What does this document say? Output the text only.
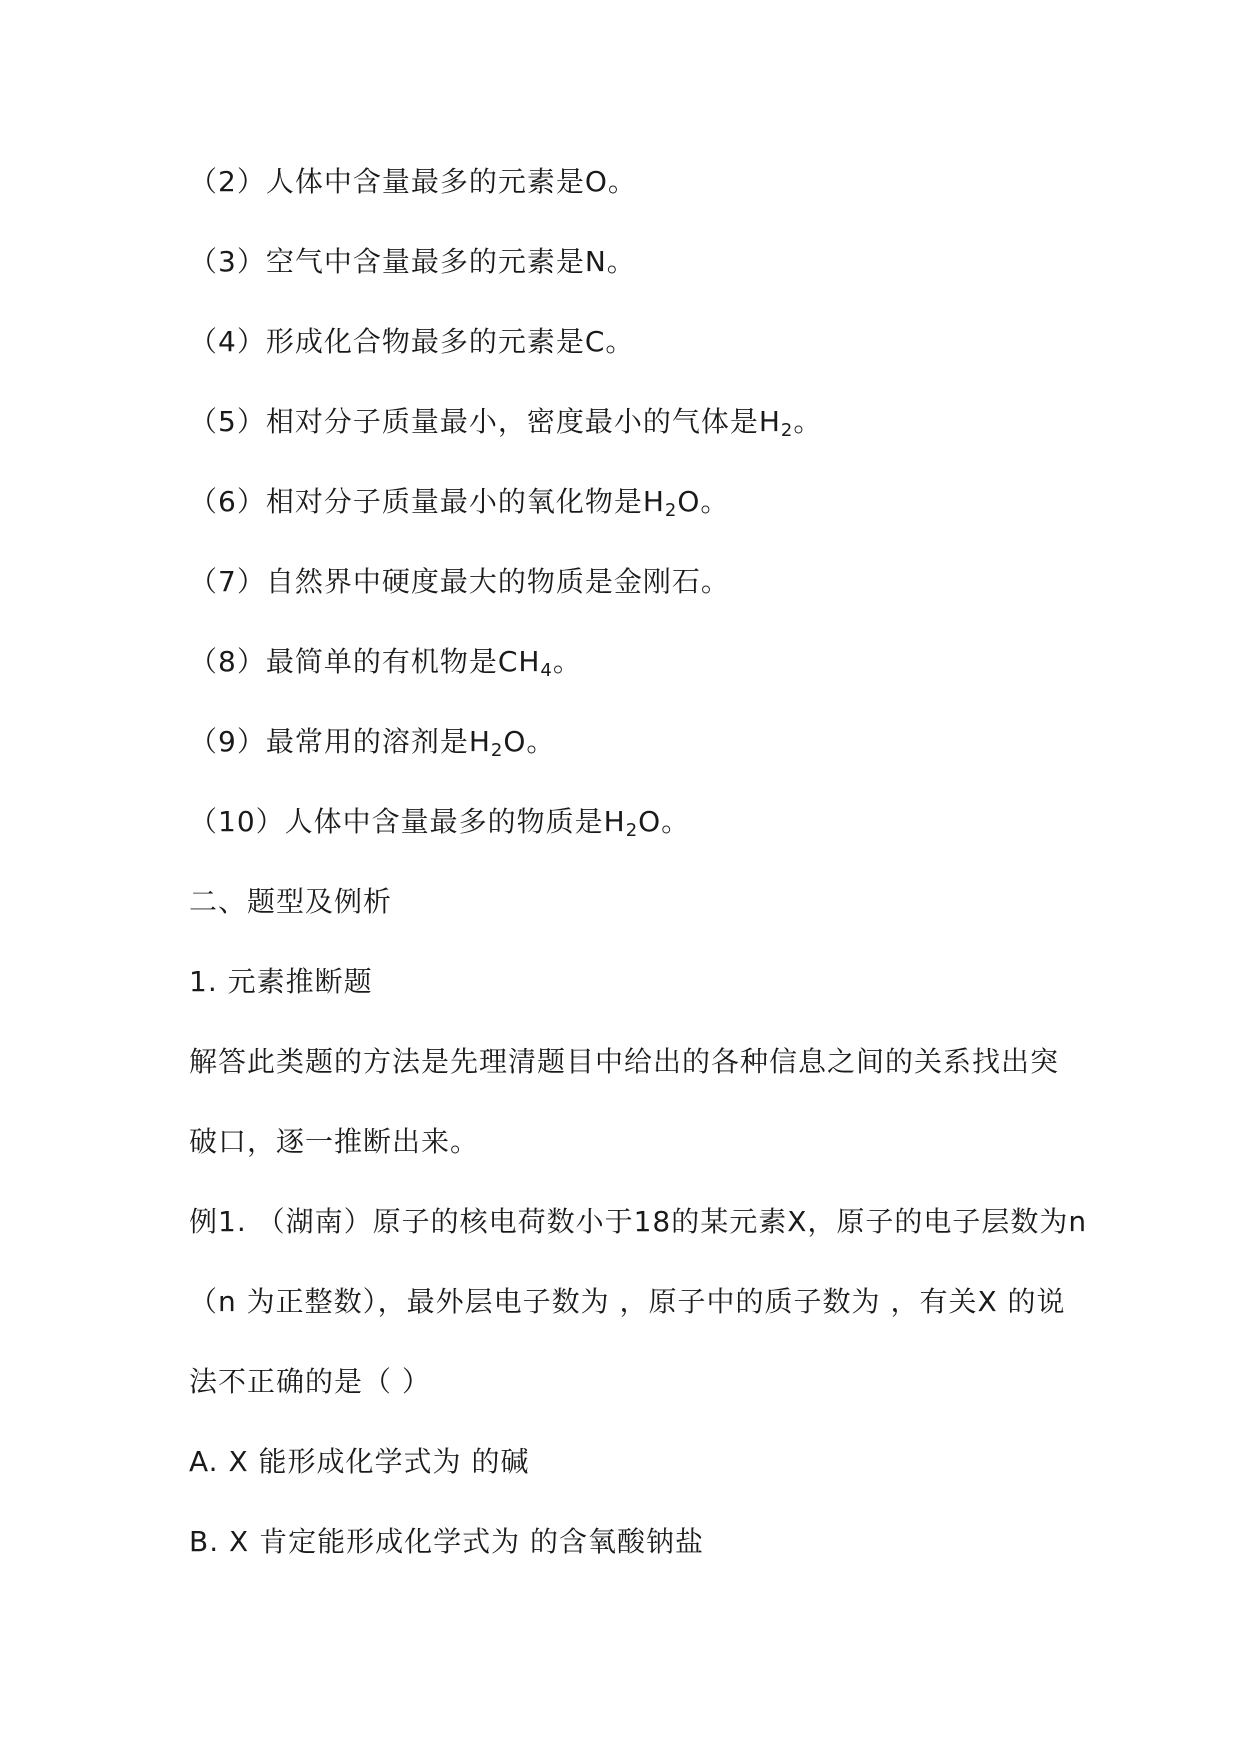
（2）人体中含量最多的元素是O。

（3）空气中含量最多的元素是N。

（4）形成化合物最多的元素是C。

（5）相对分子质量最小，密度最小的气体是$H_2$。

（6）相对分子质量最小的氧化物是$H_2O$。

（7）自然界中硬度最大的物质是金刚石。

（8）最简单的有机物是$CH_4$。

（9）最常用的溶剂是$H_2O$。

（10）人体中含量最多的物质是$H_2O$。

二、题型及例析

1. 元素推断题

解答此类题的方法是先理清题目中给出的各种信息之间的关系找出突

破口，逐一推断出来。

例1. （湖南）原子的核电荷数小于18的某元素X，原子的电子层数为n

（n 为正整数），最外层电子数为 ，原子中的质子数为 ，有关X 的说

法不正确的是（ ）

A. X 能形成化学式为 的碱

B. X 肯定能形成化学式为 的含氧酸钠盐
